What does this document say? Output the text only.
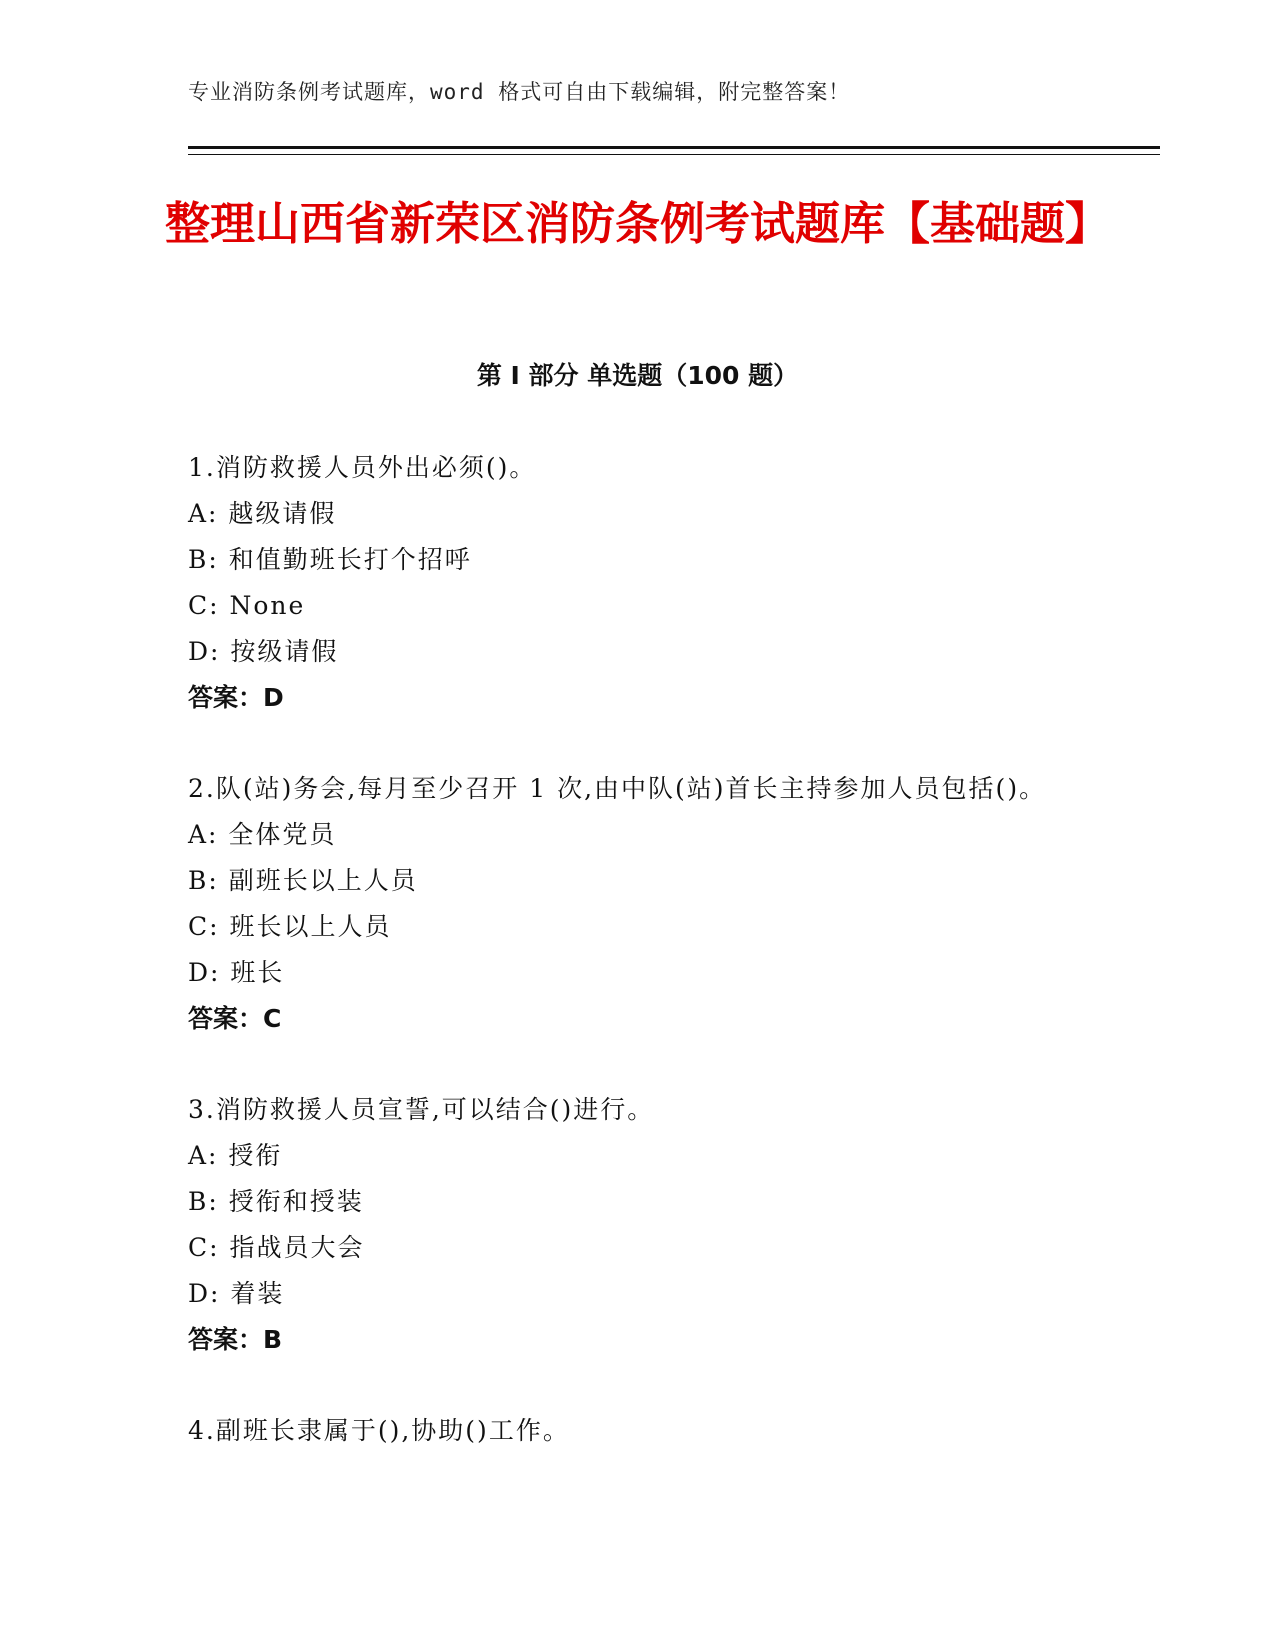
专业消防条例考试题库，word 格式可自由下载编辑，附完整答案！
整理山西省新荣区消防条例考试题库【基础题】
第 I 部分 单选题（100 题）
1.消防救援人员外出必须()。
A: 越级请假
B: 和值勤班长打个招呼
C: None
D: 按级请假
答案：D
2.队(站)务会,每月至少召开 1 次,由中队(站)首长主持参加人员包括()。
A: 全体党员
B: 副班长以上人员
C: 班长以上人员
D: 班长
答案：C
3.消防救援人员宣誓,可以结合()进行。
A: 授衔
B: 授衔和授装
C: 指战员大会
D: 着装
答案：B
4.副班长隶属于(),协助()工作。
